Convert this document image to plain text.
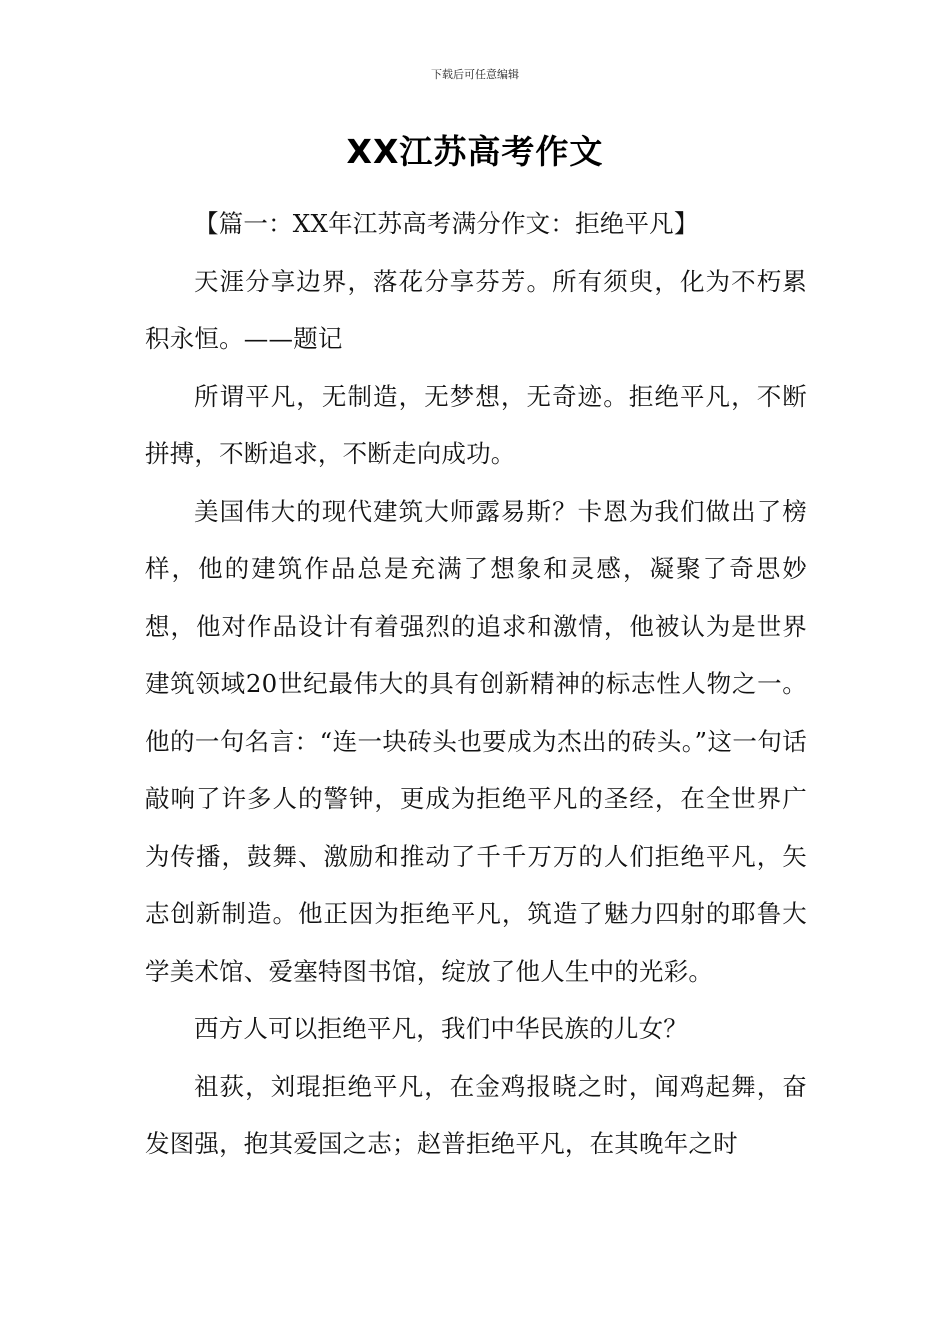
下载后可任意编辑
XX江苏高考作文

【篇一：XX年江苏高考满分作文：拒绝平凡】

天涯分享边界，落花分享芬芳。所有须臾，化为不朽累积永恒。——题记

所谓平凡，无制造，无梦想，无奇迹。拒绝平凡，不断拼搏，不断追求，不断走向成功。

美国伟大的现代建筑大师露易斯？卡恩为我们做出了榜样，他的建筑作品总是充满了想象和灵感，凝聚了奇思妙想，他对作品设计有着强烈的追求和激情，他被认为是世界建筑领域20世纪最伟大的具有创新精神的标志性人物之一。他的一句名言：“连一块砖头也要成为杰出的砖头。”这一句话敲响了许多人的警钟，更成为拒绝平凡的圣经，在全世界广为传播，鼓舞、激励和推动了千千万万的人们拒绝平凡，矢志创新制造。他正因为拒绝平凡，筑造了魅力四射的耶鲁大学美术馆、爱塞特图书馆，绽放了他人生中的光彩。

西方人可以拒绝平凡，我们中华民族的儿女？

祖荻，刘琨拒绝平凡，在金鸡报晓之时，闻鸡起舞，奋发图强，抱其爱国之志；赵普拒绝平凡，在其晚年之时
